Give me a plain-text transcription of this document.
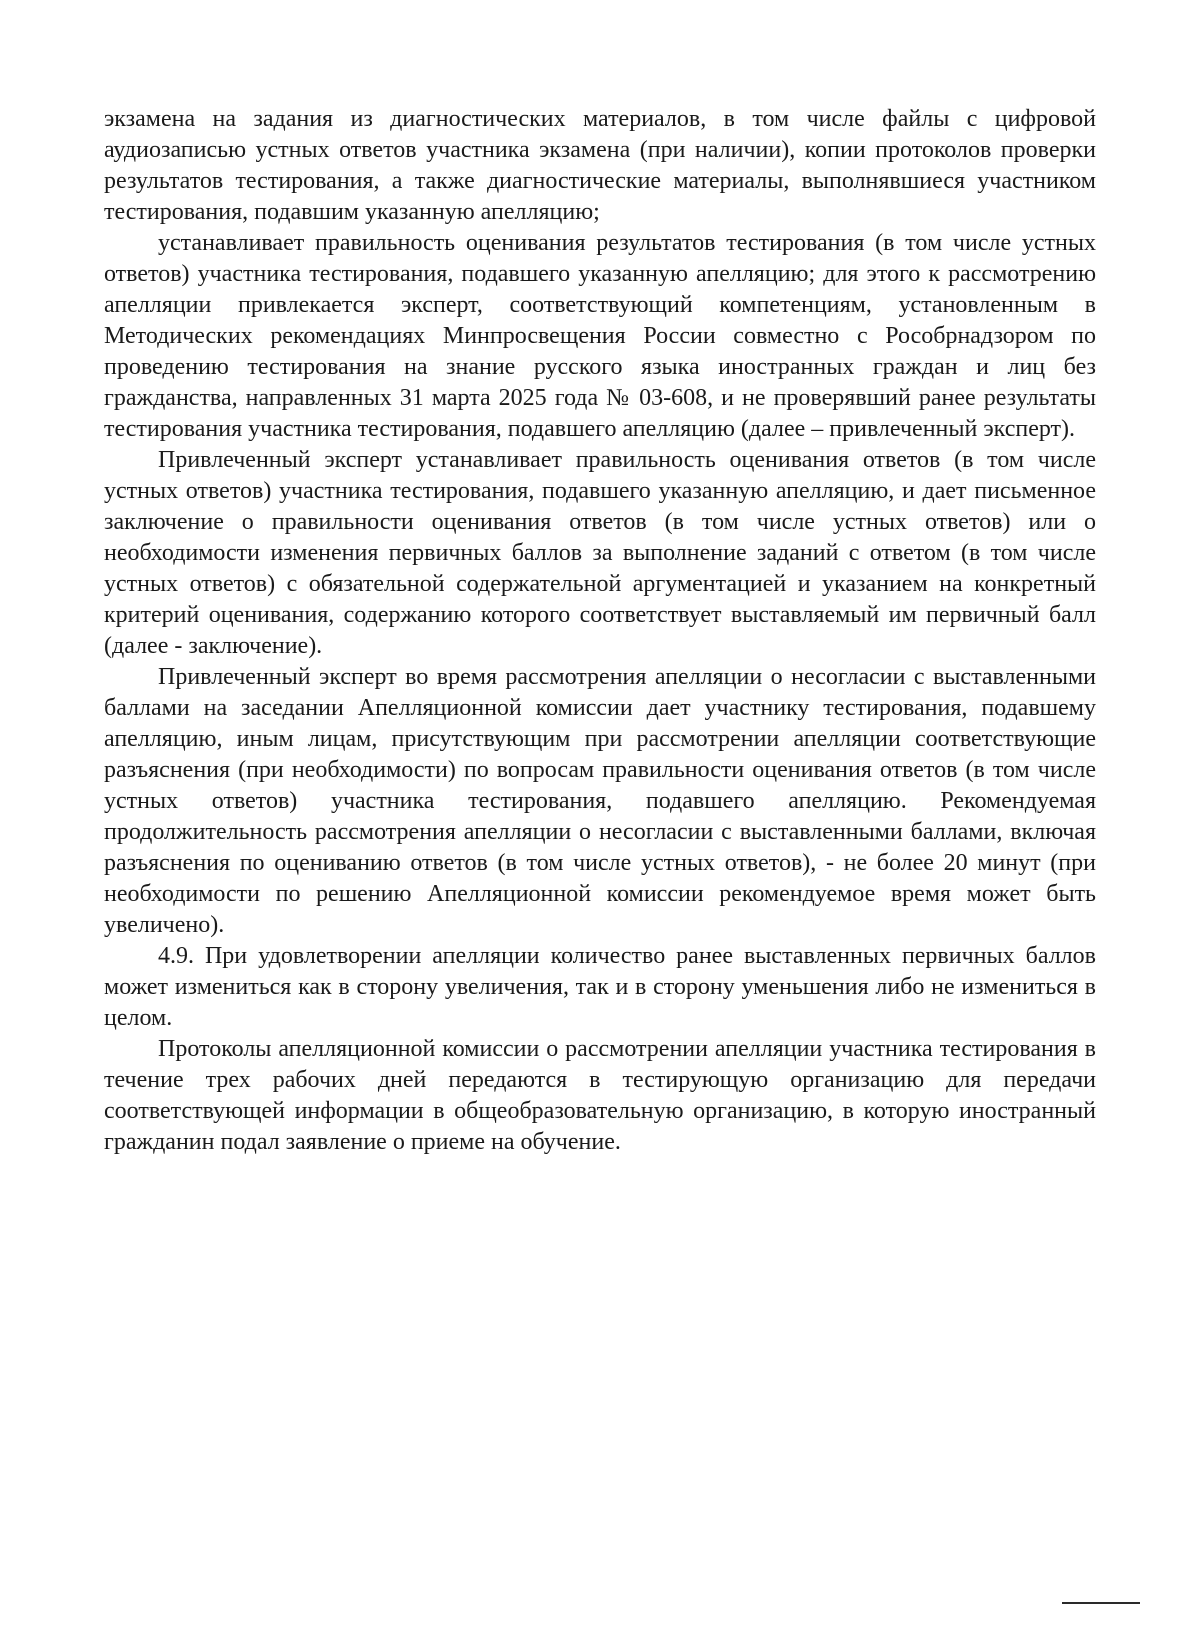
экзамена на задания из диагностических материалов, в том числе файлы с цифровой аудиозаписью устных ответов участника экзамена (при наличии), копии протоколов проверки результатов тестирования, а также диагностические материалы, выполнявшиеся участником тестирования, подавшим указанную апелляцию;

устанавливает правильность оценивания результатов тестирования (в том числе устных ответов) участника тестирования, подавшего указанную апелляцию; для этого к рассмотрению апелляции привлекается эксперт, соответствующий компетенциям, установленным в Методических рекомендациях Минпросвещения России совместно с Рособрнадзором по проведению тестирования на знание русского языка иностранных граждан и лиц без гражданства, направленных 31 марта 2025 года № 03-608, и не проверявший ранее результаты тестирования участника тестирования, подавшего апелляцию (далее – привлеченный эксперт).

Привлеченный эксперт устанавливает правильность оценивания ответов (в том числе устных ответов) участника тестирования, подавшего указанную апелляцию, и дает письменное заключение о правильности оценивания ответов (в том числе устных ответов) или о необходимости изменения первичных баллов за выполнение заданий с ответом (в том числе устных ответов) с обязательной содержательной аргументацией и указанием на конкретный критерий оценивания, содержанию которого соответствует выставляемый им первичный балл (далее - заключение).

Привлеченный эксперт во время рассмотрения апелляции о несогласии с выставленными баллами на заседании Апелляционной комиссии дает участнику тестирования, подавшему апелляцию, иным лицам, присутствующим при рассмотрении апелляции соответствующие разъяснения (при необходимости) по вопросам правильности оценивания ответов (в том числе устных ответов) участника тестирования, подавшего апелляцию. Рекомендуемая продолжительность рассмотрения апелляции о несогласии с выставленными баллами, включая разъяснения по оцениванию ответов (в том числе устных ответов), - не более 20 минут (при необходимости по решению Апелляционной комиссии рекомендуемое время может быть увеличено).

4.9. При удовлетворении апелляции количество ранее выставленных первичных баллов может измениться как в сторону увеличения, так и в сторону уменьшения либо не измениться в целом.

Протоколы апелляционной комиссии о рассмотрении апелляции участника тестирования в течение трех рабочих дней передаются в тестирующую организацию для передачи соответствующей информации в общеобразовательную организацию, в которую иностранный гражданин подал заявление о приеме на обучение.
